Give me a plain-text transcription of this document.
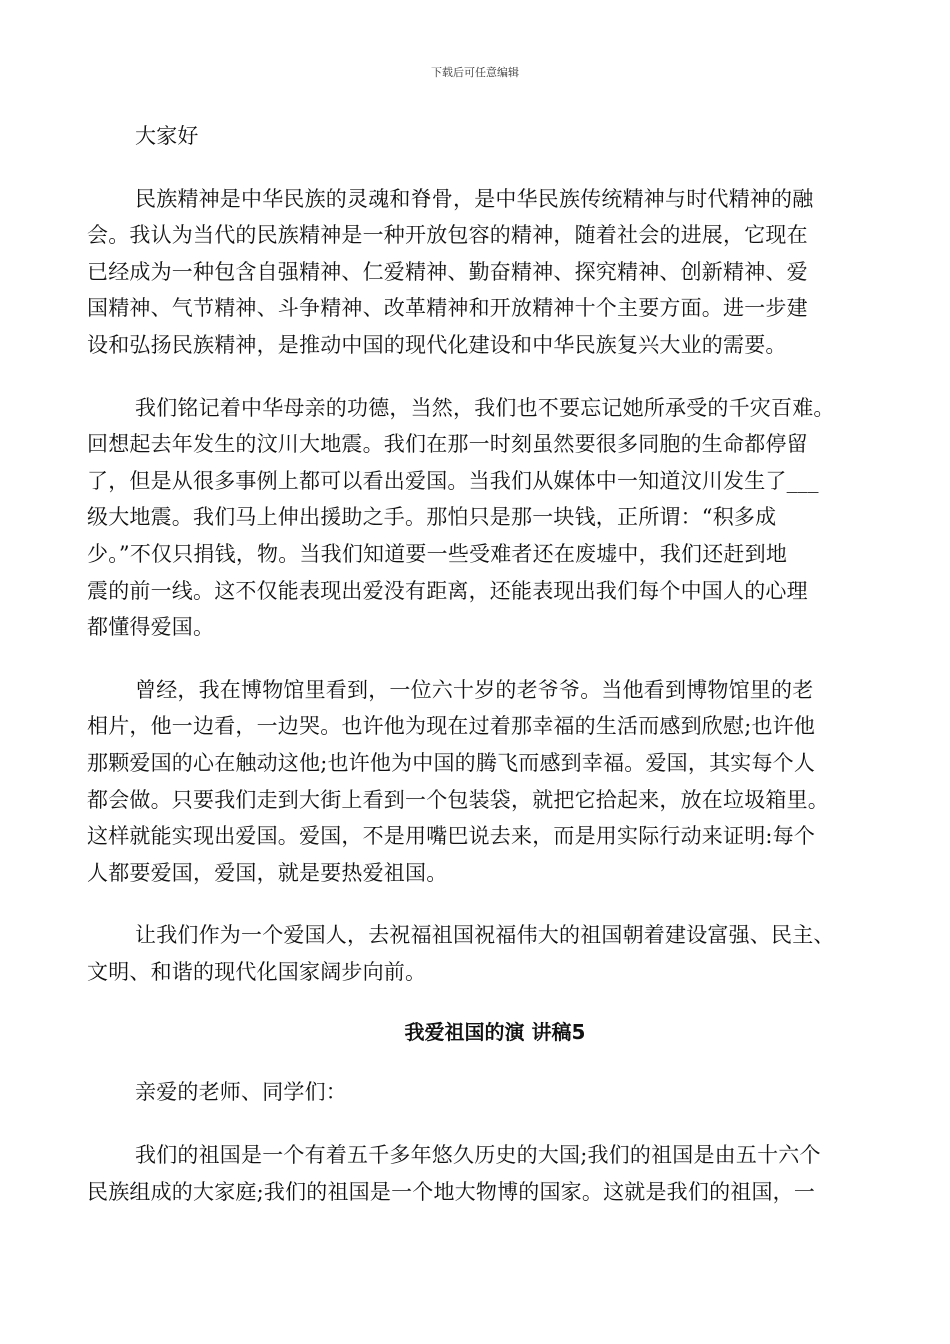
下载后可任意编辑
大家好
民族精神是中华民族的灵魂和脊骨，是中华民族传统精神与时代精神的融
会。我认为当代的民族精神是一种开放包容的精神，随着社会的进展，它现在
已经成为一种包含自强精神、仁爱精神、勤奋精神、探究精神、创新精神、爱
国精神、气节精神、斗争精神、改革精神和开放精神十个主要方面。进一步建
设和弘扬民族精神，是推动中国的现代化建设和中华民族复兴大业的需要。
我们铭记着中华母亲的功德，当然，我们也不要忘记她所承受的千灾百难。
回想起去年发生的汶川大地震。我们在那一时刻虽然要很多同胞的生命都停留
了，但是从很多事例上都可以看出爱国。当我们从媒体中一知道汶川发生了___
级大地震。我们马上伸出援助之手。那怕只是那一块钱，正所谓：“积多成
少。”不仅只捐钱，物。当我们知道要一些受难者还在废墟中，我们还赶到地
震的前一线。这不仅能表现出爱没有距离，还能表现出我们每个中国人的心理
都懂得爱国。
曾经，我在博物馆里看到，一位六十岁的老爷爷。当他看到博物馆里的老
相片，他一边看，一边哭。也许他为现在过着那幸福的生活而感到欣慰;也许他
那颗爱国的心在触动这他;也许他为中国的腾飞而感到幸福。爱国，其实每个人
都会做。只要我们走到大街上看到一个包装袋，就把它拾起来，放在垃圾箱里。
这样就能实现出爱国。爱国，不是用嘴巴说去来，而是用实际行动来证明:每个
人都要爱国，爱国，就是要热爱祖国。
让我们作为一个爱国人，去祝福祖国祝福伟大的祖国朝着建设富强、民主、
文明、和谐的现代化国家阔步向前。
我爱祖国的演 讲稿5
亲爱的老师、同学们：
我们的祖国是一个有着五千多年悠久历史的大国;我们的祖国是由五十六个
民族组成的大家庭;我们的祖国是一个地大物博的国家。这就是我们的祖国，一
